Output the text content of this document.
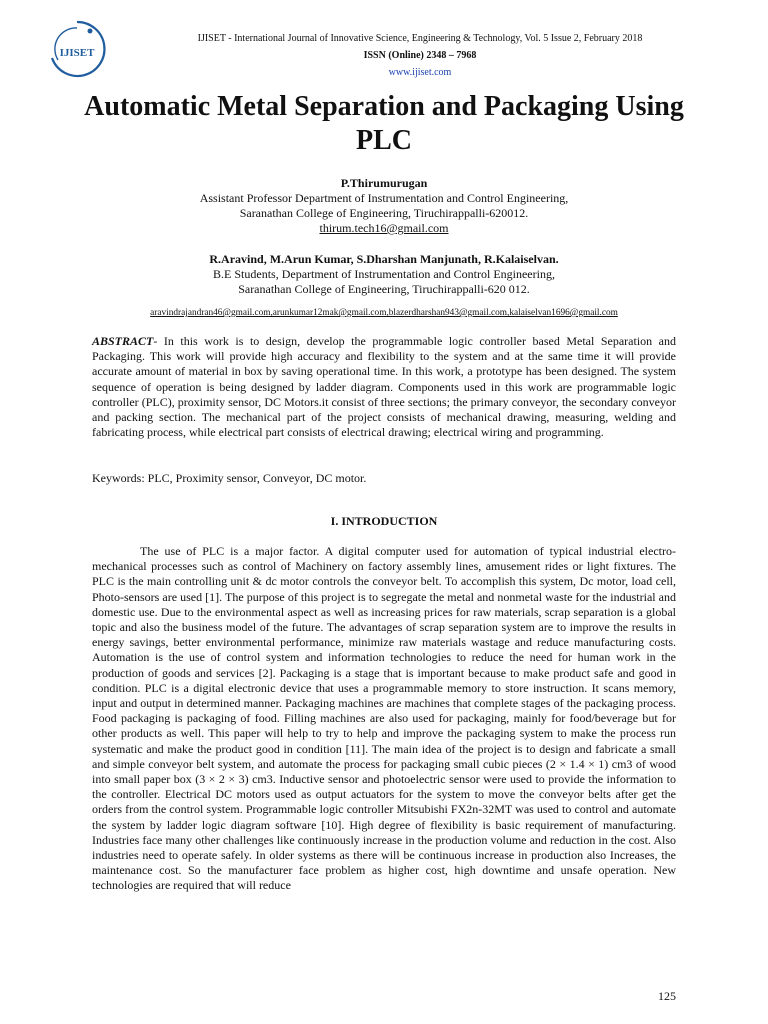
IJISET
IJISET - International Journal of Innovative Science, Engineering & Technology, Vol. 5 Issue 2, February 2018
ISSN (Online) 2348 – 7968
www.ijiset.com
Automatic Metal Separation and Packaging Using PLC
P.Thirumurugan
Assistant Professor Department of Instrumentation and Control Engineering,
Saranathan College of Engineering, Tiruchirappalli-620012.
thirum.tech16@gmail.com
R.Aravind, M.Arun Kumar, S.Dharshan Manjunath, R.Kalaiselvan.
B.E Students, Department of Instrumentation and Control Engineering,
Saranathan College of Engineering, Tiruchirappalli-620 012.
aravindrajandran46@gmail.com,arunkumar12mak@gmail.com,blazerdharshan943@gmail.com,kalaiselvan1696@gmail.com

ABSTRACT- In this work is to design, develop the programmable logic controller based Metal Separation and Packaging. This work will provide high accuracy and flexibility to the system and at the same time it will provide accurate amount of material in box by saving operational time. In this work, a prototype has been designed. The system sequence of operation is being designed by ladder diagram. Components used in this work are programmable logic controller (PLC), proximity sensor, DC Motors.it consist of three sections; the primary conveyor, the secondary conveyor and packing section. The mechanical part of the project consists of mechanical drawing, measuring, welding and fabricating process, while electrical part consists of electrical drawing; electrical wiring and programming.

Keywords: PLC, Proximity sensor, Conveyor, DC motor.

I. INTRODUCTION

The use of PLC is a major factor. A digital computer used for automation of typical industrial electro-mechanical processes such as control of Machinery on factory assembly lines, amusement rides or light fixtures. The PLC is the main controlling unit & dc motor controls the conveyor belt. To accomplish this system, Dc motor, load cell, Photo-sensors are used [1]. The purpose of this project is to segregate the metal and nonmetal waste for the industrial and domestic use. Due to the environmental aspect as well as increasing prices for raw materials, scrap separation is a global topic and also the business model of the future. The advantages of scrap separation system are to improve the results in energy savings, better environmental performance, minimize raw materials wastage and reduce manufacturing costs. Automation is the use of control system and information technologies to reduce the need for human work in the production of goods and services [2]. Packaging is a stage that is important because to make product safe and good in condition. PLC is a digital electronic device that uses a programmable memory to store instruction. It scans memory, input and output in determined manner. Packaging machines are machines that complete stages of the packaging process. Food packaging is packaging of food. Filling machines are also used for packaging, mainly for food/beverage but for other products as well. This paper will help to try to help and improve the packaging system to make the process run systematic and make the product good in condition [11]. The main idea of the project is to design and fabricate a small and simple conveyor belt system, and automate the process for packaging small cubic pieces (2 × 1.4 × 1) cm3 of wood into small paper box (3 × 2 × 3) cm3. Inductive sensor and photoelectric sensor were used to provide the information to the controller. Electrical DC motors used as output actuators for the system to move the conveyor belts after get the orders from the control system. Programmable logic controller Mitsubishi FX2n-32MT was used to control and automate the system by ladder logic diagram software [10]. High degree of flexibility is basic requirement of manufacturing. Industries face many other challenges like continuously increase in the production volume and reduction in the cost. Also industries need to operate safely. In older systems as there will be continuous increase in production also Increases, the maintenance cost. So the manufacturer face problem as higher cost, high downtime and unsafe operation. New technologies are required that will reduce

125
